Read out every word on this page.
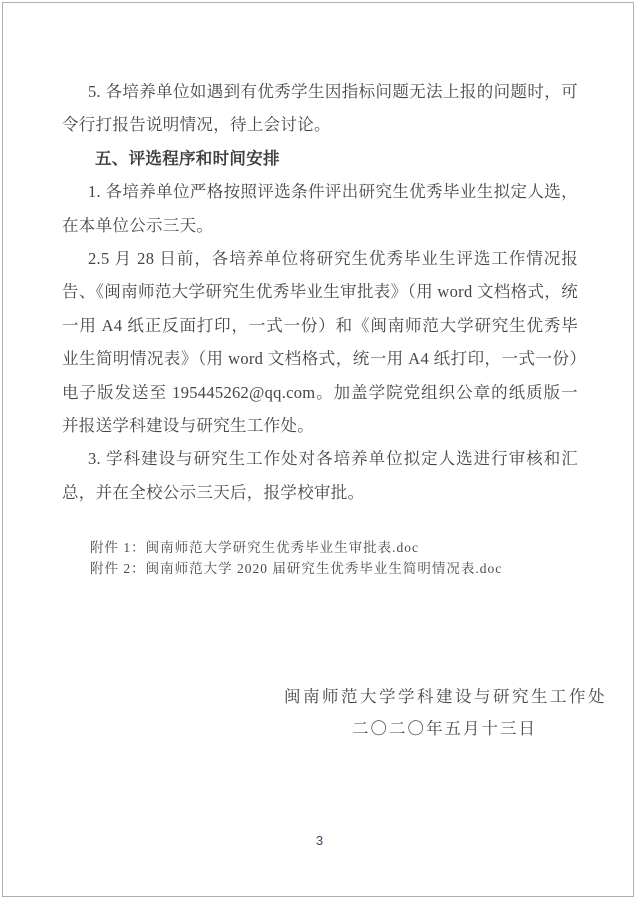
5. 各培养单位如遇到有优秀学生因指标问题无法上报的问题时，可令行打报告说明情况，待上会讨论。

五、评选程序和时间安排

1. 各培养单位严格按照评选条件评出研究生优秀毕业生拟定人选，在本单位公示三天。

2.5 月 28 日前，各培养单位将研究生优秀毕业生评选工作情况报告、《闽南师范大学研究生优秀毕业生审批表》（用 word 文档格式，统一用 A4 纸正反面打印，一式一份）和《闽南师范大学研究生优秀毕业生简明情况表》（用 word 文档格式，统一用 A4 纸打印，一式一份）电子版发送至 195445262@qq.com。加盖学院党组织公章的纸质版一并报送学科建设与研究生工作处。

3. 学科建设与研究生工作处对各培养单位拟定人选进行审核和汇总，并在全校公示三天后，报学校审批。

附件 1：闽南师范大学研究生优秀毕业生审批表.doc
附件 2：闽南师范大学 2020 届研究生优秀毕业生简明情况表.doc
闽南师范大学学科建设与研究生工作处
二〇二〇年五月十三日
3
